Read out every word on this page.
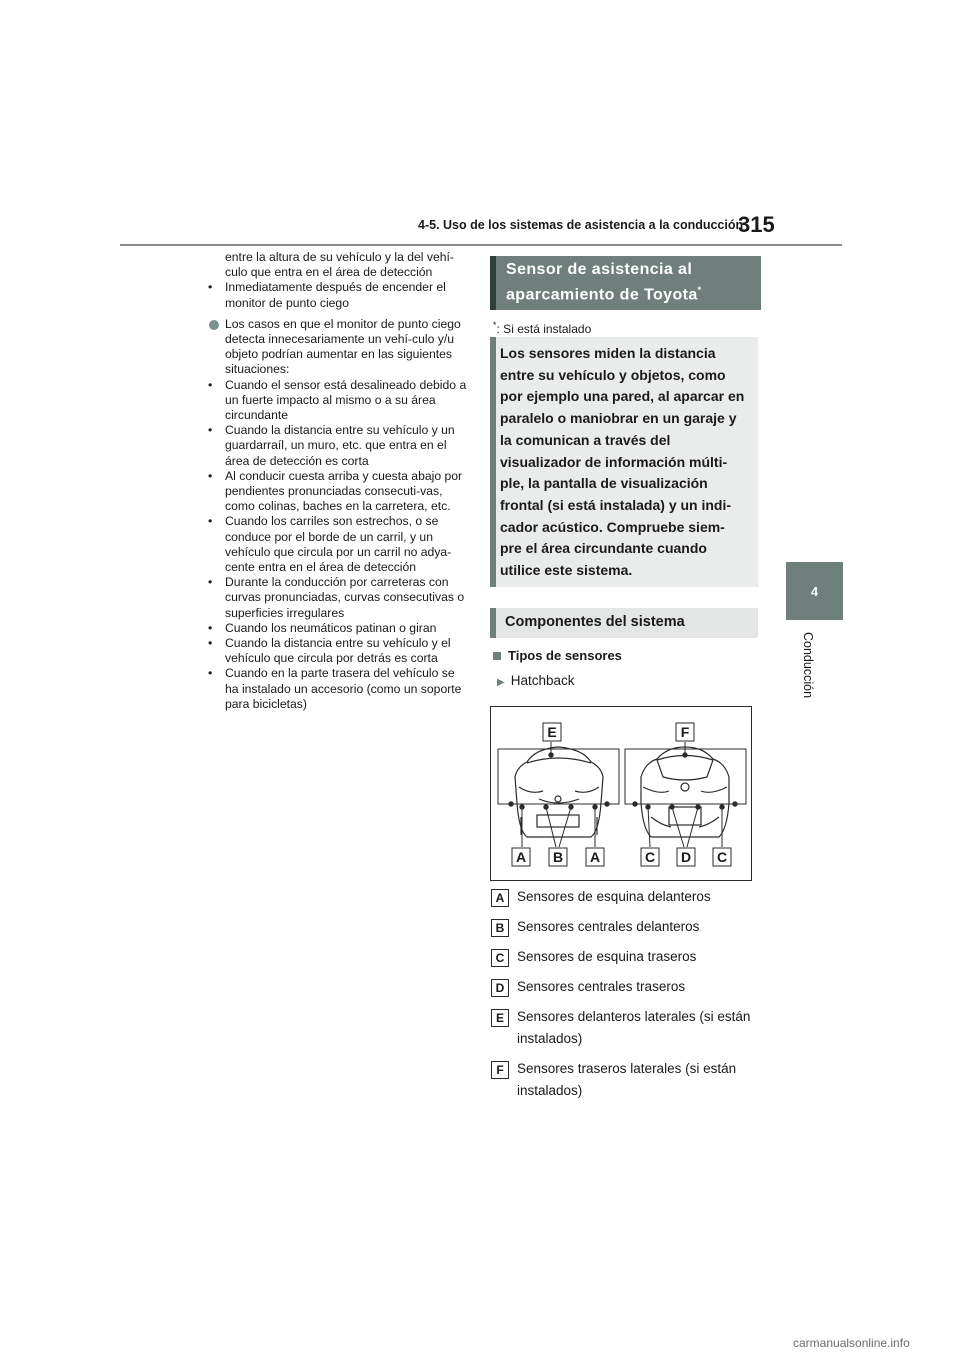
4-5. Uso de los sistemas de asistencia a la conducción
315
4
Conducción

entre la altura de su vehículo y la del vehí-culo que entra en el área de detección

• Inmediatamente después de encender el monitor de punto ciego

Los casos en que el monitor de punto ciego detecta innecesariamente un vehí-culo y/u objeto podrían aumentar en las siguientes situaciones:

• Cuando el sensor está desalineado debido a un fuerte impacto al mismo o a su área circundante

• Cuando la distancia entre su vehículo y un guardarraíl, un muro, etc. que entra en el área de detección es corta

• Al conducir cuesta arriba y cuesta abajo por pendientes pronunciadas consecuti-vas, como colinas, baches en la carretera, etc.

• Cuando los carriles son estrechos, o se conduce por el borde de un carril, y un vehículo que circula por un carril no adya-cente entra en el área de detección

• Durante la conducción por carreteras con curvas pronunciadas, curvas consecutivas o superficies irregulares

• Cuando los neumáticos patinan o giran

• Cuando la distancia entre su vehículo y el vehículo que circula por detrás es corta

• Cuando en la parte trasera del vehículo se ha instalado un accesorio (como un soporte para bicicletas)

Sensor de asistencia al aparcamiento de Toyota*
*: Si está instalado
Los sensores miden la distancia entre su vehículo y objetos, como por ejemplo una pared, al aparcar en paralelo o maniobrar en un garaje y la comunican a través del visualizador de información múlti-ple, la pantalla de visualización frontal (si está instalada) y un indi-cador acústico. Compruebe siem-pre el área circundante cuando utilice este sistema.
Componentes del sistema
Tipos de sensores
▶ Hatchback
E	F
A B A	C D C
A Sensores de esquina delanteros
B Sensores centrales delanteros
C Sensores de esquina traseros
D Sensores centrales traseros
E Sensores delanteros laterales (si están instalados)
F Sensores traseros laterales (si están instalados)
carmanualsonline.info
